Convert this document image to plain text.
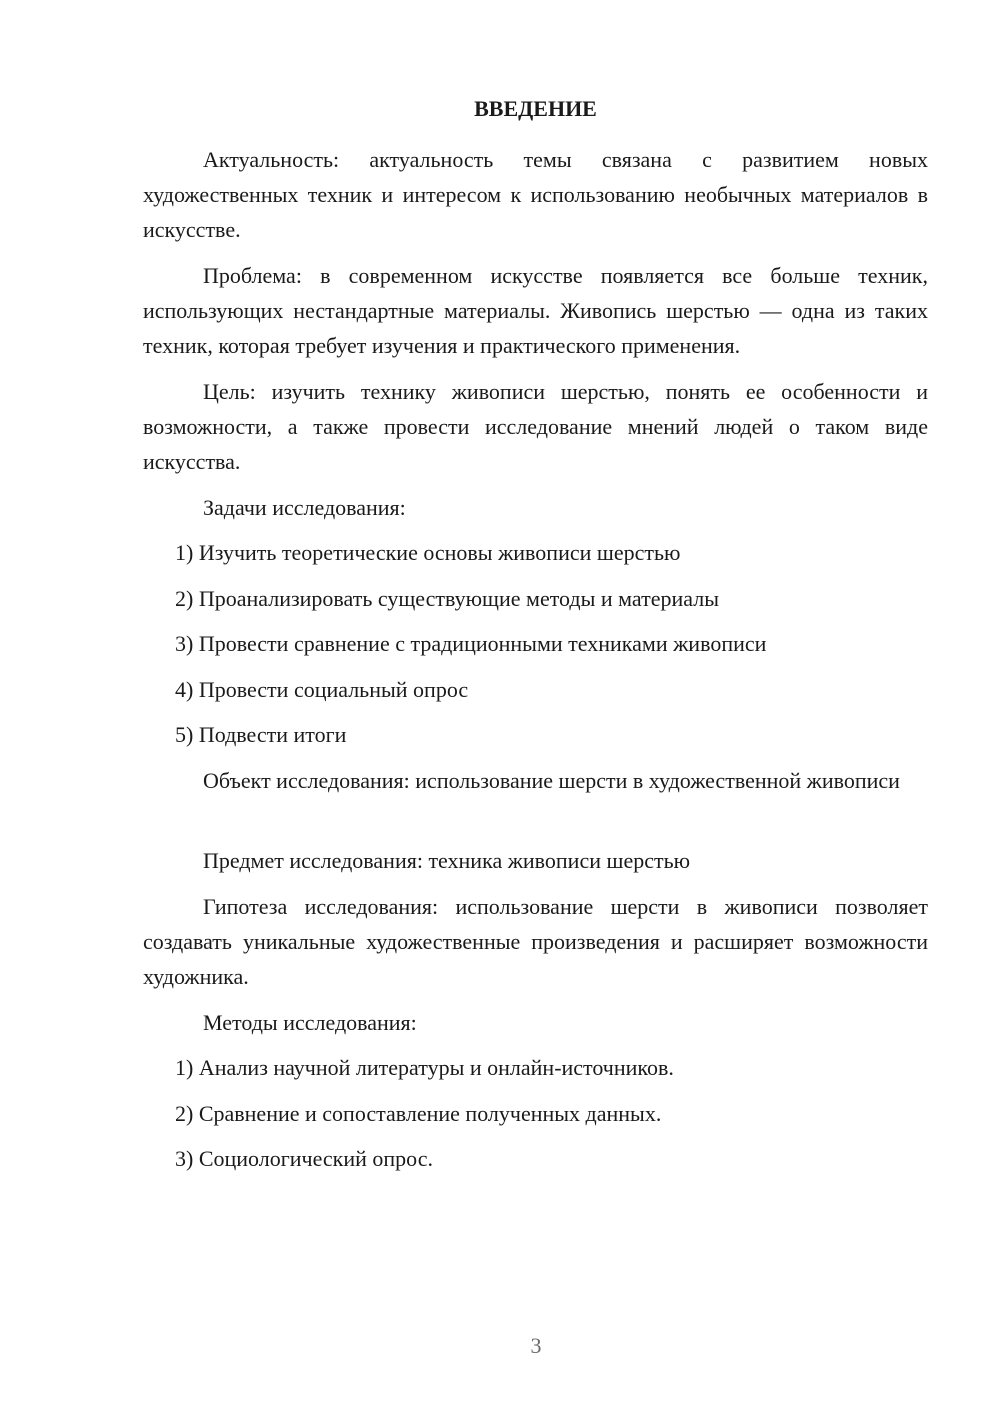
ВВЕДЕНИЕ

Актуальность: актуальность темы связана с развитием новых художественных техник и интересом к использованию необычных материалов в искусстве.

Проблема: в современном искусстве появляется все больше техник, использующих нестандартные материалы. Живопись шерстью — одна из таких техник, которая требует изучения и практического применения.

Цель: изучить технику живописи шерстью, понять ее особенности и возможности, а также провести исследование мнений людей о таком виде искусства.

Задачи исследования:

1) Изучить теоретические основы живописи шерстью

2) Проанализировать существующие методы и материалы

3) Провести сравнение с традиционными техниками живописи

4) Провести социальный опрос

5) Подвести итоги

Объект исследования: использование шерсти в художественной живописи

Предмет исследования: техника живописи шерстью

Гипотеза исследования: использование шерсти в живописи позволяет создавать уникальные художественные произведения и расширяет возможности художника.

Методы исследования:

1) Анализ научной литературы и онлайн-источников.

2) Сравнение и сопоставление полученных данных.

3) Социологический опрос.

3
